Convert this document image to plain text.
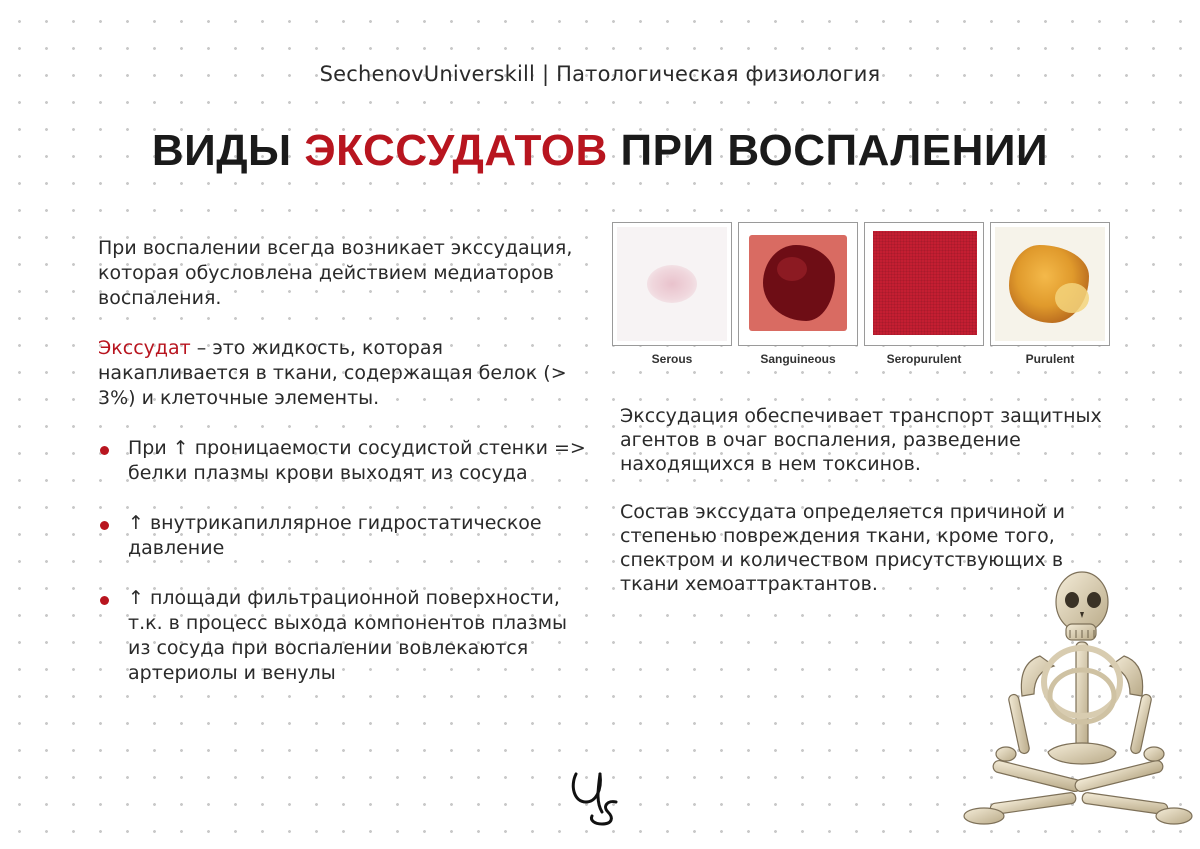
SechenovUniverskill | Патологическая физиология
ВИДЫ ЭКССУДАТОВ ПРИ ВОСПАЛЕНИИ

При воспалении всегда возникает экссудация, которая обусловлена действием медиаторов воспаления.

Экссудат – это жидкость, которая накапливается в ткани, содержащая белок (> 3%) и клеточные элементы.

При ↑ проницаемости сосудистой стенки => белки плазмы крови выходят из сосуда
↑ внутрикапиллярное гидростатическое давление
↑ площади фильтрационной поверхности, т.к. в процесс выхода компонентов плазмы из сосуда при воспалении вовлекаются артериолы и венулы
Serous	Sanguineous	Seropurulent	Purulent

Экссудация обеспечивает транспорт защитных агентов в очаг воспаления, разведение находящихся в нем токсинов.

Состав экссудата определяется причиной и степенью повреждения ткани, кроме того, спектром и количеством присутствующих в ткани хемоаттрактантов.
